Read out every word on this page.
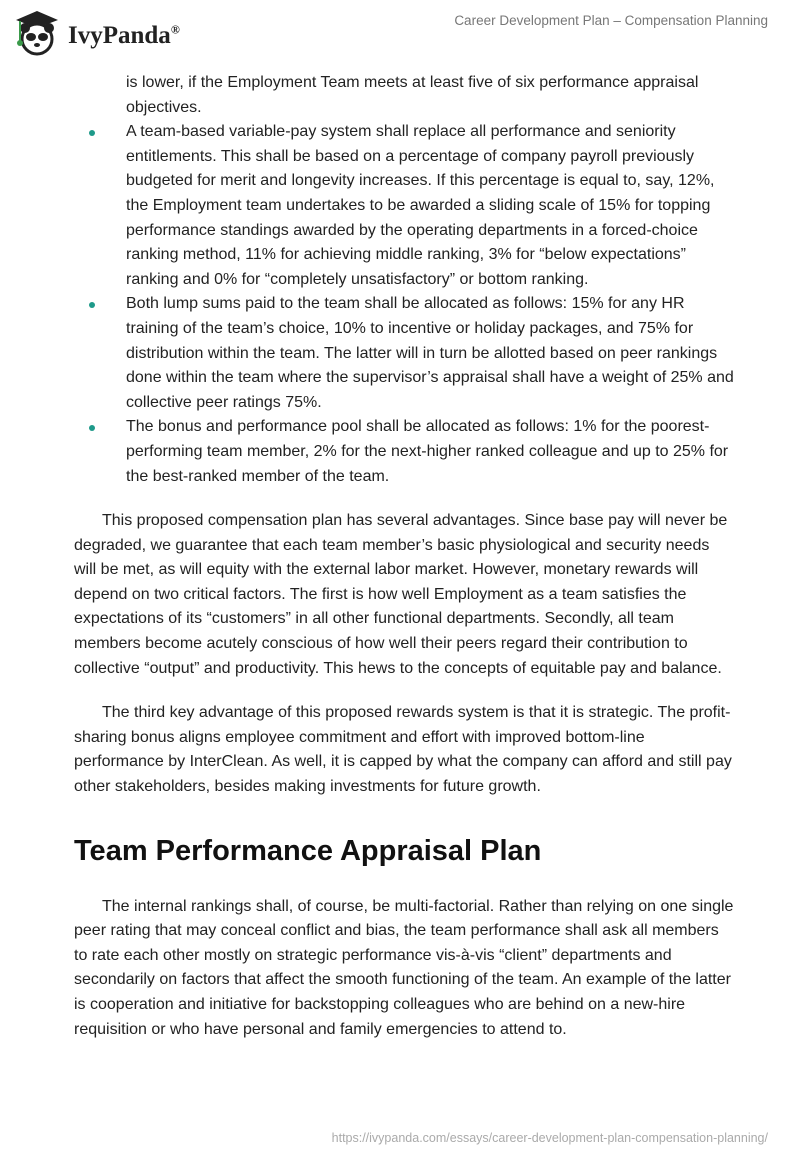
IvyPanda®
Career Development Plan – Compensation Planning
is lower, if the Employment Team meets at least five of six performance appraisal objectives.
A team-based variable-pay system shall replace all performance and seniority entitlements. This shall be based on a percentage of company payroll previously budgeted for merit and longevity increases. If this percentage is equal to, say, 12%, the Employment team undertakes to be awarded a sliding scale of 15% for topping performance standings awarded by the operating departments in a forced-choice ranking method, 11% for achieving middle ranking, 3% for “below expectations” ranking and 0% for “completely unsatisfactory” or bottom ranking.
Both lump sums paid to the team shall be allocated as follows: 15% for any HR training of the team’s choice, 10% to incentive or holiday packages, and 75% for distribution within the team. The latter will in turn be allotted based on peer rankings done within the team where the supervisor’s appraisal shall have a weight of 25% and collective peer ratings 75%.
The bonus and performance pool shall be allocated as follows: 1% for the poorest-performing team member, 2% for the next-higher ranked colleague and up to 25% for the best-ranked member of the team.

This proposed compensation plan has several advantages. Since base pay will never be degraded, we guarantee that each team member’s basic physiological and security needs will be met, as will equity with the external labor market. However, monetary rewards will depend on two critical factors. The first is how well Employment as a team satisfies the expectations of its “customers” in all other functional departments. Secondly, all team members become acutely conscious of how well their peers regard their contribution to collective “output” and productivity. This hews to the concepts of equitable pay and balance.

The third key advantage of this proposed rewards system is that it is strategic. The profit-sharing bonus aligns employee commitment and effort with improved bottom-line performance by InterClean. As well, it is capped by what the company can afford and still pay other stakeholders, besides making investments for future growth.

Team Performance Appraisal Plan

The internal rankings shall, of course, be multi-factorial. Rather than relying on one single peer rating that may conceal conflict and bias, the team performance shall ask all members to rate each other mostly on strategic performance vis-à-vis “client” departments and secondarily on factors that affect the smooth functioning of the team. An example of the latter is cooperation and initiative for backstopping colleagues who are behind on a new-hire requisition or who have personal and family emergencies to attend to.

https://ivypanda.com/essays/career-development-plan-compensation-planning/
